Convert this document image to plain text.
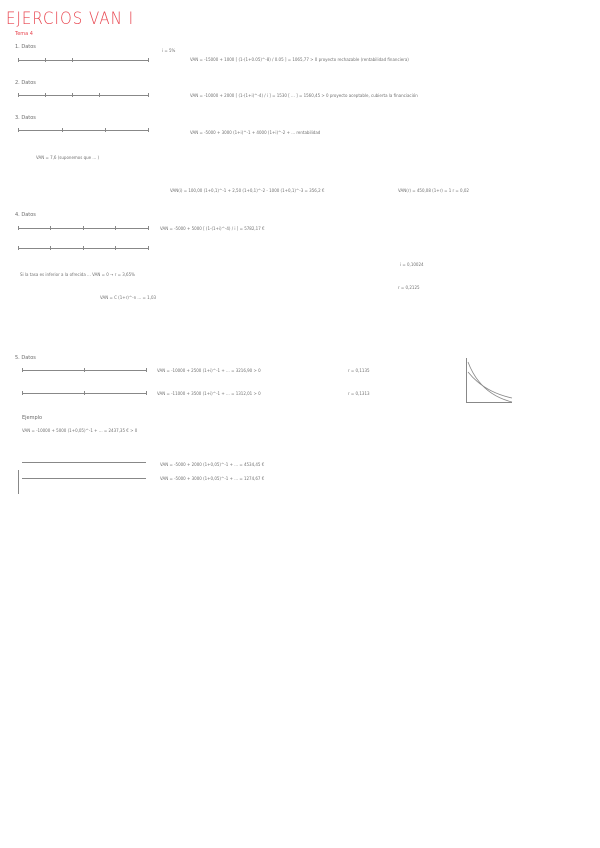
EJERCIOS VAN I
Tema 4
1. Datos
i = 5%
VAN = -15000 + 1000 [ (1-(1+0.05)^-8) / 0.05 ] = 1065,77 > 0 proyecto rechazable (rentabilidad financiera)
2. Datos
VAN = -10000 + 2000 [ (1-(1+i)^-4) / i ] = 1530 [ ... ] = 1560,45 > 0 proyecto aceptable, cubierta la financiación
3. Datos
VAN = -5000 + 3000 (1+i)^-1 + 4000 (1+i)^-2 + ... rentabilidad
VAN = 7,6 (suponemos que ... )
VAN(i) = 100,00 (1+0,1)^-1 + 2,50 (1+0,1)^-2 - 1000 (1+0,1)^-3 = 356,2 €	VAN(r) = 450,08 (1+r) = 1 r = 0,02
4. Datos
VAN = -5000 + 5000 [ (1-(1+i)^-4) / i ] = 5782,17 €
Si la tasa es inferior a la ofrecida ... VAN = 0 → r = 3,65%
VAN = C (1+r)^-n ... = 1,03
i = 0,10024
r = 0,2125
5. Datos
VAN = -10000 + 2500 (1+i)^-1 + ... = 3216,90 > 0
VAN = -11000 + 3500 (1+i)^-1 + ... = 1312,01 > 0
r = 0,1135
r = 0,1313
Ejemplo
VAN = -10000 + 5000 (1+0,05)^-1 + ... = 2437,35 € > 0
VAN = -5000 + 2000 (1+0,05)^-1 + ... = 4534,45 €
VAN = -5000 + 3000 (1+0,05)^-1 + ... = 1274,67 €
